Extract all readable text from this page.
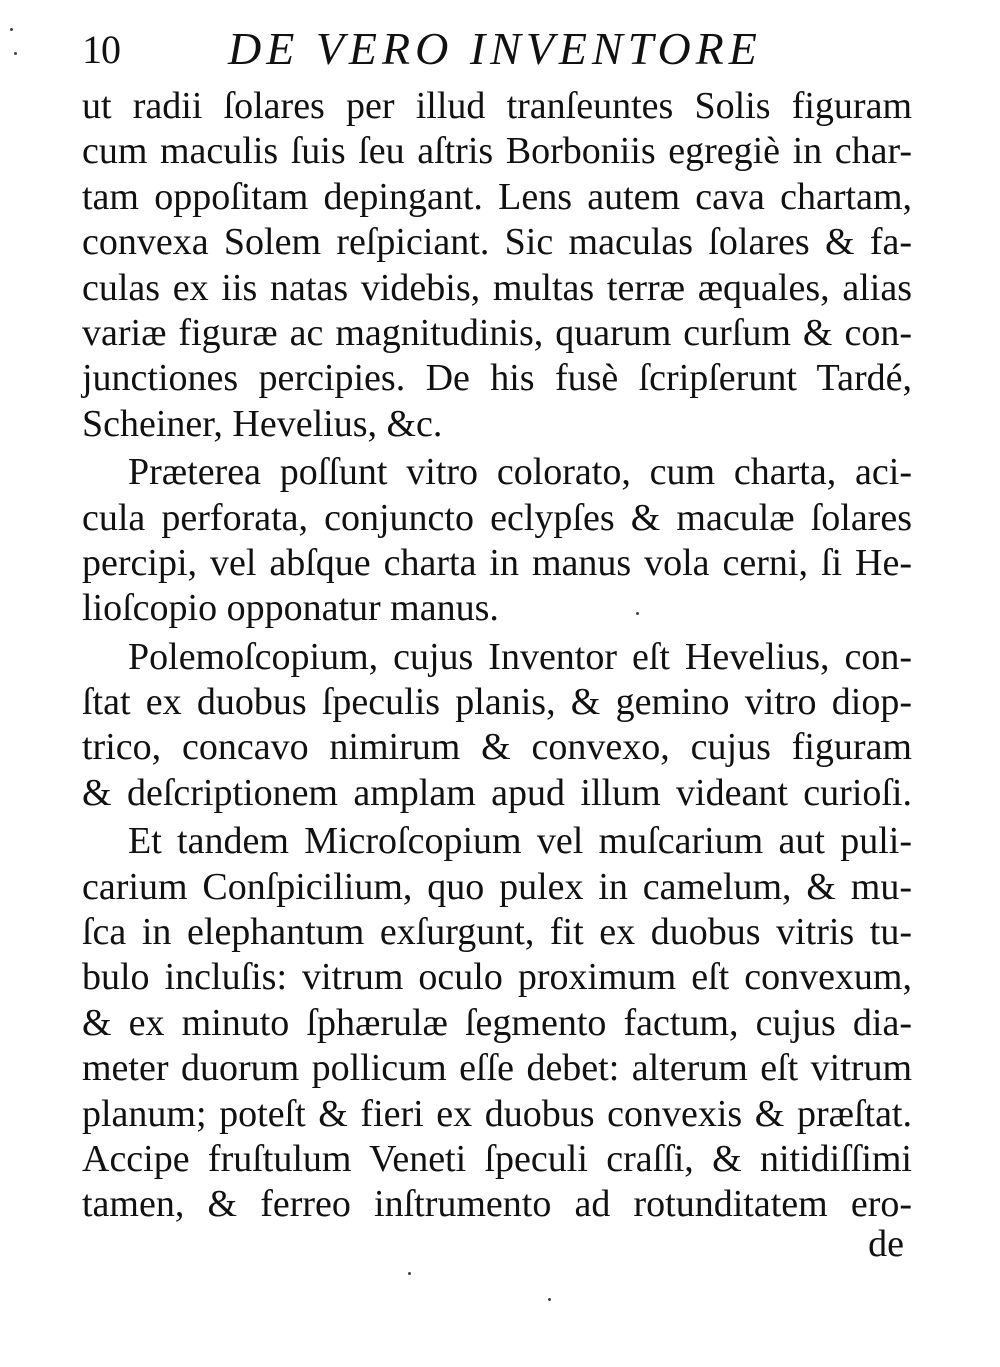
10 DE VERO INVENTORE
ut radii ſolares per illud tranſeuntes Solis figuram
cum maculis ſuis ſeu aſtris Borboniis egregiè in char-
tam oppoſitam depingant. Lens autem cava chartam,
convexa Solem reſpiciant. Sic maculas ſolares & fa-
culas ex iis natas videbis, multas terræ æquales, alias
variæ figuræ ac magnitudinis, quarum curſum & con-
junctiones percipies. De his fusè ſcripſerunt Tardé,
Scheiner, Hevelius, &c.
Præterea poſſunt vitro colorato, cum charta, aci-
cula perforata, conjuncto eclypſes & maculæ ſolares
percipi, vel abſque charta in manus vola cerni, ſi He-
lioſcopio opponatur manus.
Polemoſcopium, cujus Inventor eſt Hevelius, con-
ſtat ex duobus ſpeculis planis, & gemino vitro diop-
trico, concavo nimirum & convexo, cujus figuram
& deſcriptionem amplam apud illum videant curioſi.
Et tandem Microſcopium vel muſcarium aut puli-
carium Conſpicilium, quo pulex in camelum, & mu-
ſca in elephantum exſurgunt, fit ex duobus vitris tu-
bulo incluſis: vitrum oculo proximum eſt convexum,
& ex minuto ſphærulæ ſegmento factum, cujus dia-
meter duorum pollicum eſſe debet: alterum eſt vitrum
planum; poteſt & fieri ex duobus convexis & præſtat.
Accipe fruſtulum Veneti ſpeculi craſſi, & nitidiſſimi
tamen, & ferreo inſtrumento ad rotunditatem ero-
de
